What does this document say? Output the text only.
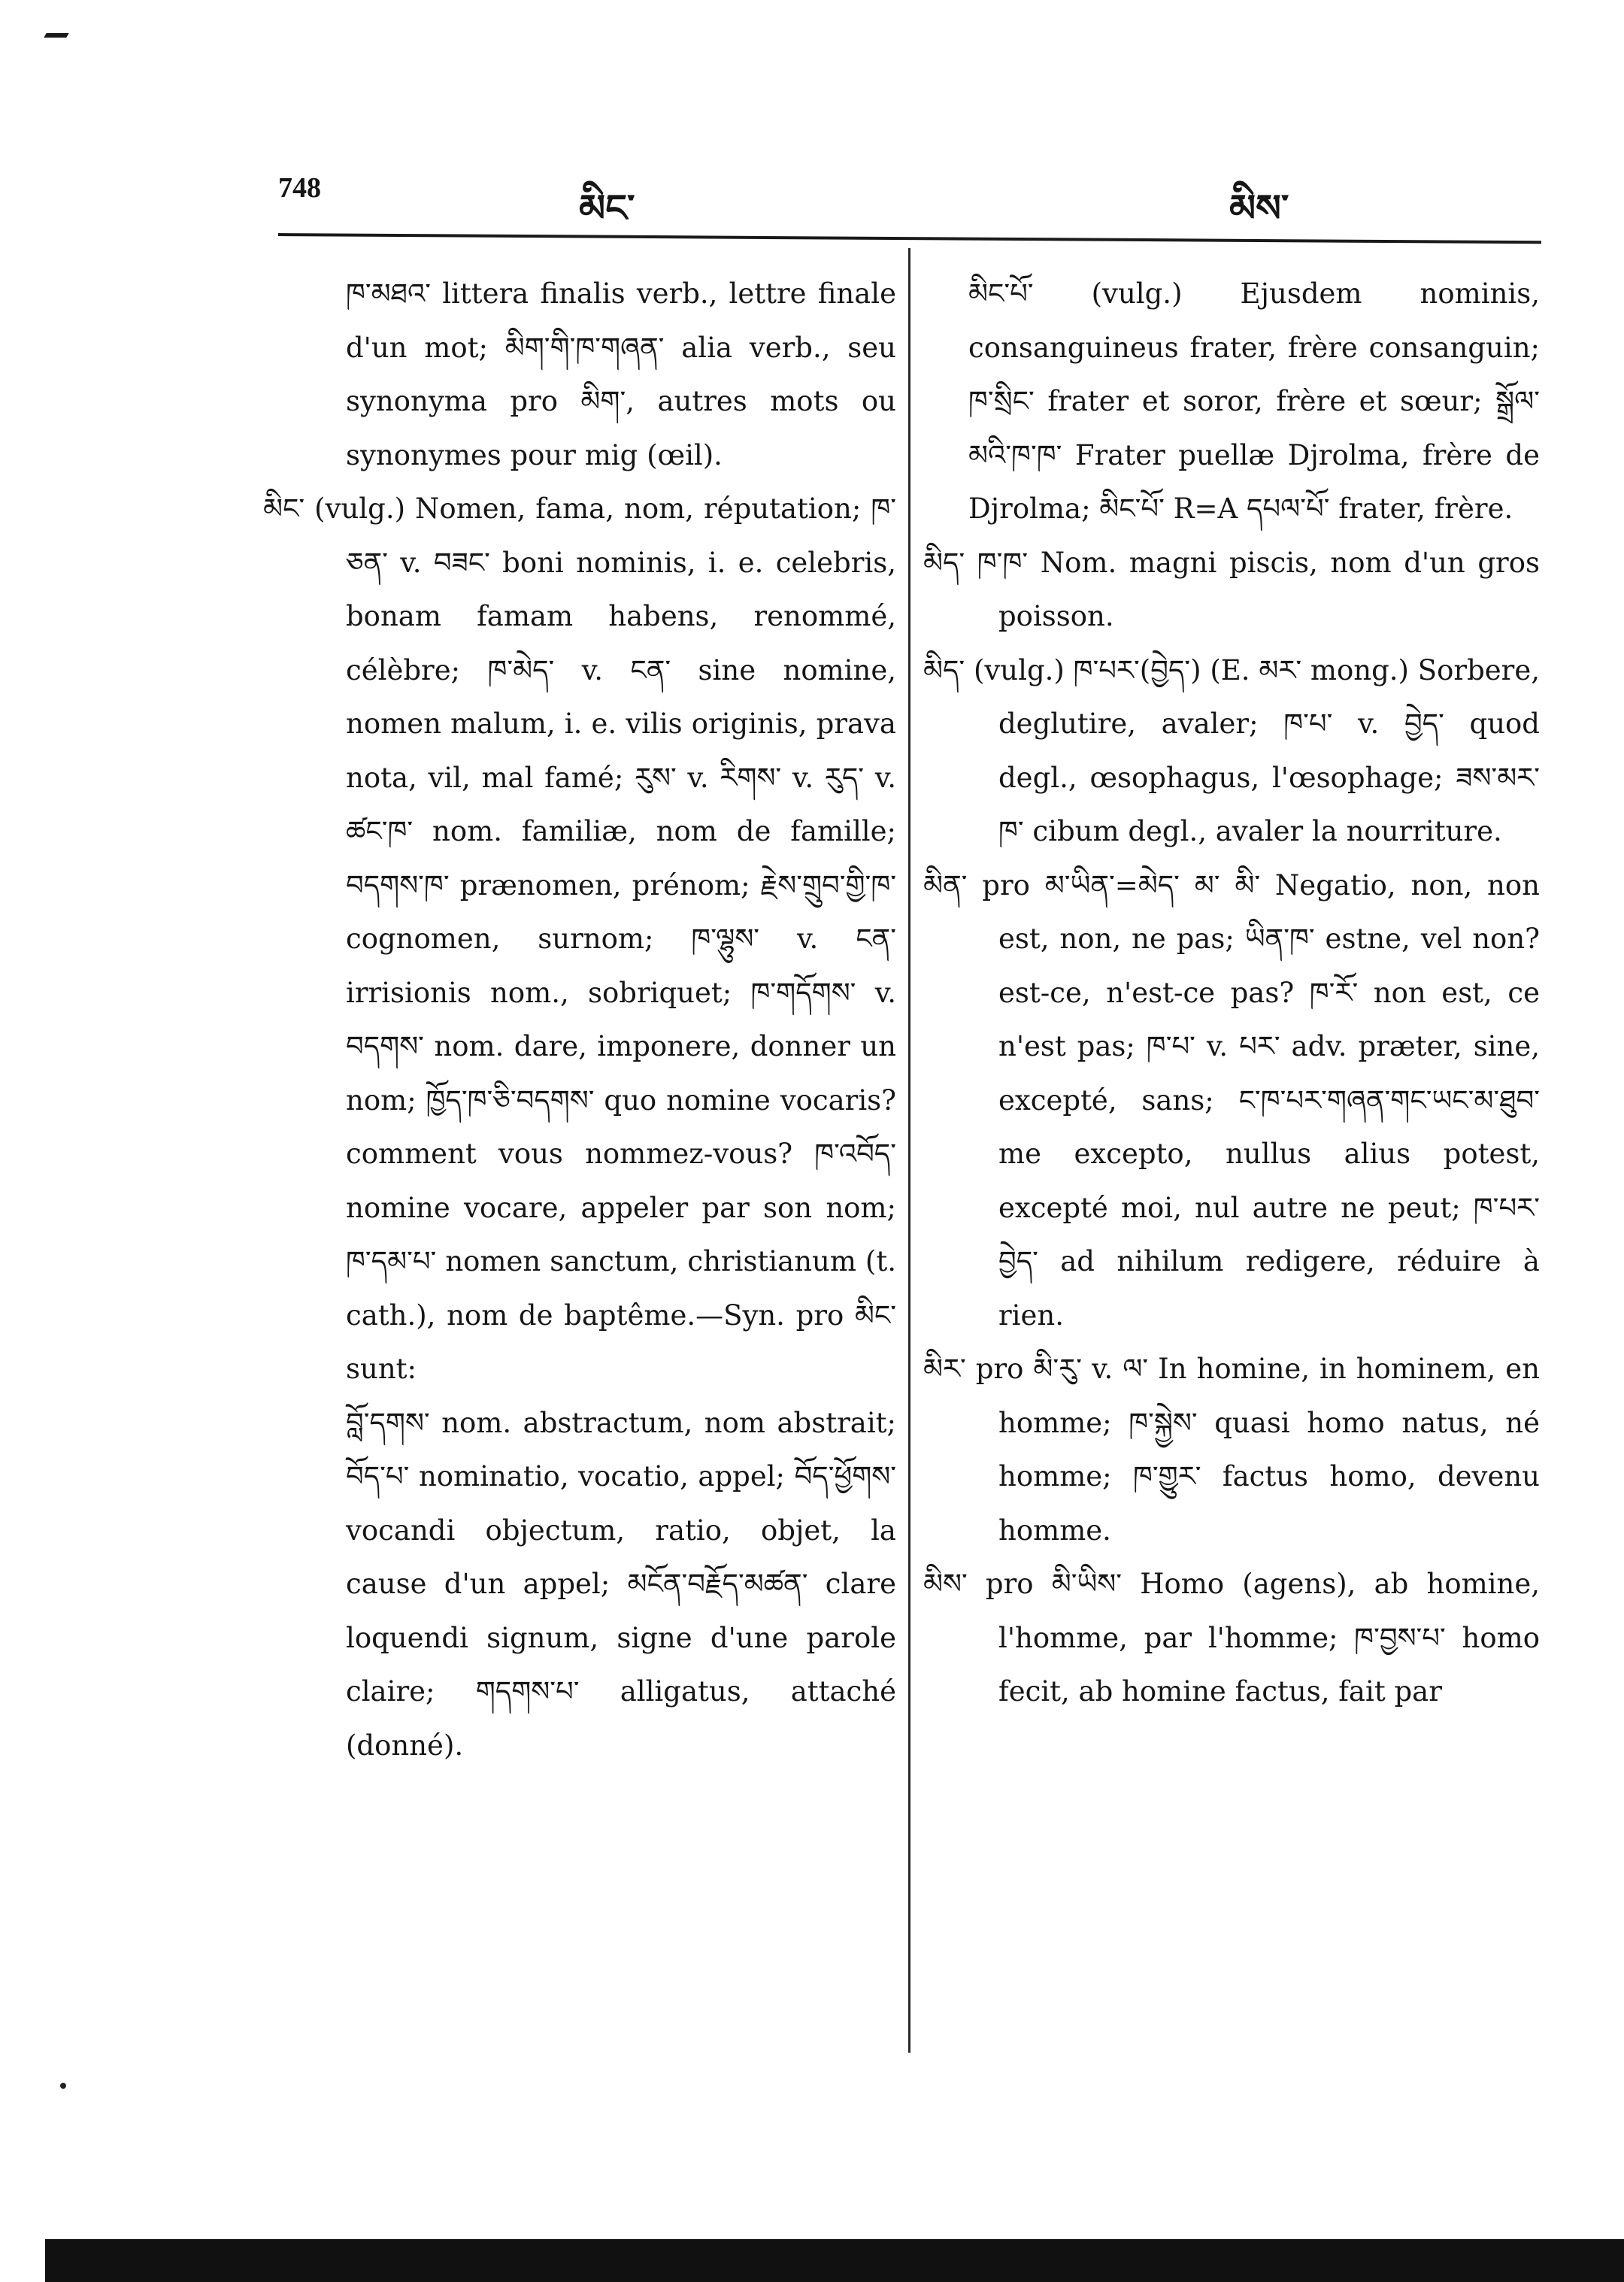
748	མིང་	མིས་

ཁ་མཐའ་ littera finalis verb., lettre finale d'un mot; མིག་གི་ཁ་གཞན་ alia verb., seu synonyma pro མིག་, autres mots ou synonymes pour mig (œil).

མིང་ (vulg.) Nomen, fama, nom, réputation; ཁ་ཅན་ v. བཟང་ boni nominis, i. e. celebris, bonam famam habens, renommé, célèbre; ཁ་མེད་ v. ངན་ sine nomine, nomen malum, i. e. vilis originis, prava nota, vil, mal famé; རུས་ v. རིགས་ v. རུད་ v. ཚང་ཁ་ nom. familiæ, nom de famille; བདགས་ཁ་ prænomen, prénom; རྗེས་གྲུབ་གྱི་ཁ་ cognomen, surnom; ཁ་ལྷུས་ v. ངན་ irrisionis nom., sobriquet; ཁ་གདོགས་ v. བདགས་ nom. dare, imponere, donner un nom; ཁྱོད་ཁ་ཅི་བདགས་ quo nomine vocaris? comment vous nommez-vous? ཁ་འབོད་ nomine vocare, appeler par son nom; ཁ་དམ་པ་ nomen sanctum, christianum (t. cath.), nom de baptême.—Syn. pro མིང་ sunt:

བློ་དགས་ nom. abstractum, nom abstrait; བོད་པ་ nominatio, vocatio, appel; བོད་ཕྱོགས་ vocandi objectum, ratio, objet, la cause d'un appel; མངོན་བརྗོད་མཚན་ clare loquendi signum, signe d'une parole claire; གདགས་པ་ alligatus, attaché (donné).

མིང་པོ་ (vulg.) Ejusdem nominis, consanguineus frater, frère consanguin; ཁ་སྲིང་ frater et soror, frère et sœur; སྒྲོལ་མའི་ཁ་ཁ་ Frater puellæ Djrolma, frère de Djrolma; མིང་པོ་ R=A དཔལ་པོ་ frater, frère.

མིད་ ཁ་ཁ་ Nom. magni piscis, nom d'un gros poisson.

མིད་ (vulg.) ཁ་པར་(བྱེད་) (E. མར་ mong.) Sorbere, deglutire, avaler; ཁ་པ་ v. བྱེད་ quod degl., œsophagus, l'œsophage; ཟས་མར་ཁ་ cibum degl., avaler la nourriture.

མིན་ pro མ་ཡིན་=མེད་ མ་ མི་ Negatio, non, non est, non, ne pas; ཡིན་ཁ་ estne, vel non? est-ce, n'est-ce pas? ཁ་རོ་ non est, ce n'est pas; ཁ་པ་ v. པར་ adv. præter, sine, excepté, sans; ང་ཁ་པར་གཞན་གང་ཡང་མ་ཐུབ་ me excepto, nullus alius potest, excepté moi, nul autre ne peut; ཁ་པར་བྱེད་ ad nihilum redigere, réduire à rien.

མིར་ pro མི་རུ་ v. ལ་ In homine, in hominem, en homme; ཁ་སྐྱེས་ quasi homo natus, né homme; ཁ་གྱུར་ factus homo, devenu homme.

མིས་ pro མི་ཡིས་ Homo (agens), ab homine, l'homme, par l'homme; ཁ་བྱས་པ་ homo fecit, ab homine factus, fait par
